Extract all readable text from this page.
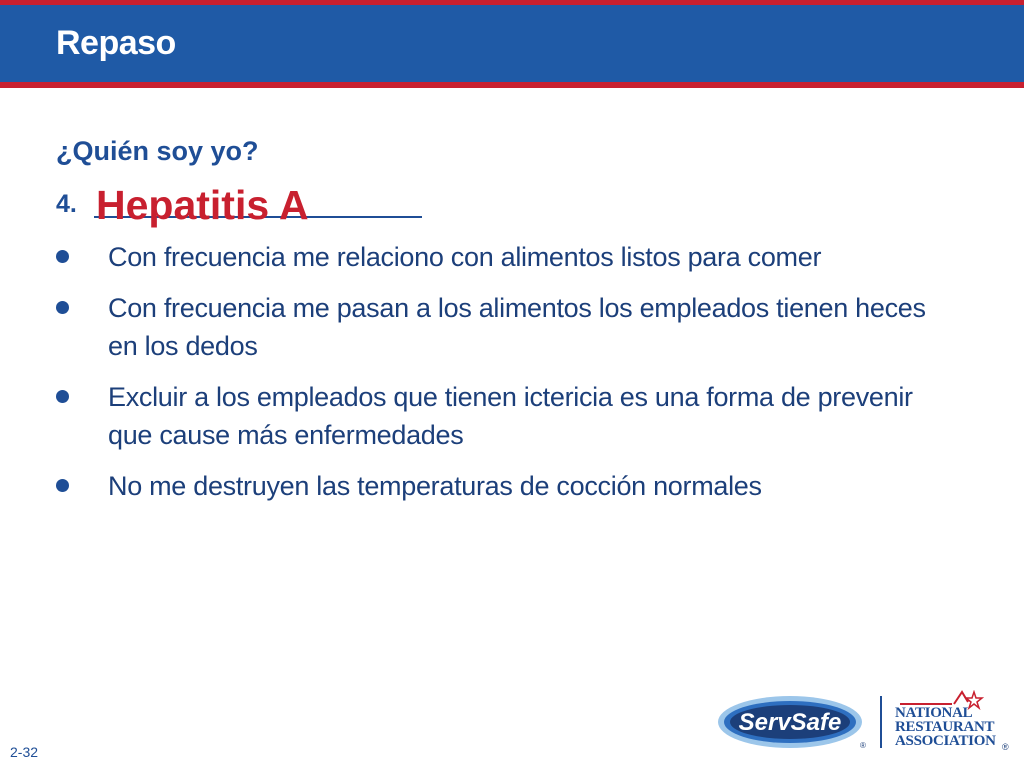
Repaso
¿Quién soy yo?
4. Hepatitis A
Con frecuencia me relaciono con alimentos listos para comer
Con frecuencia me pasan a los alimentos los empleados tienen heces en los dedos
Excluir a los empleados que tienen ictericia es una forma de prevenir que cause más enfermedades
No me destruyen las temperaturas de cocción normales
2-32
ServSafe
®	®
NATIONAL
RESTAURANT
ASSOCIATION
